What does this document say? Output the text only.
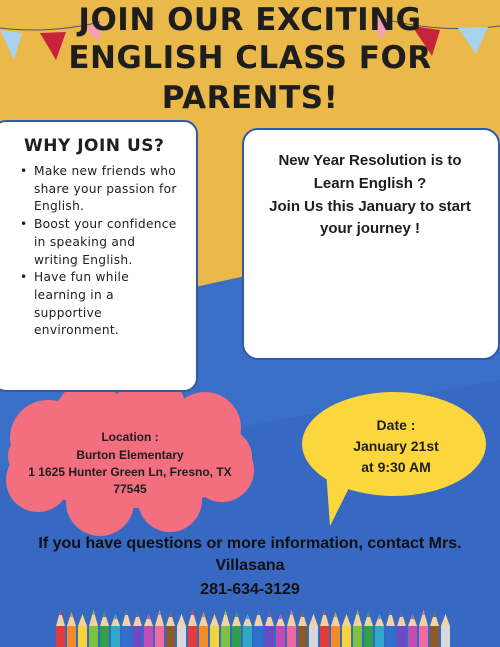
JOIN OUR EXCITING
ENGLISH CLASS FOR
PARENTS!
WHY JOIN US?
• Make new friends who share your passion for English.
• Boost your confidence in speaking and writing English.
• Have fun while learning in a supportive environment.
New Year Resolution is to
Learn English ?
Join Us this January to start
your journey !
Location :
Burton Elementary
1 1625 Hunter Green Ln, Fresno, TX
77545
Date :
January 21st
at 9:30 AM
If you have questions or more information, contact Mrs.
Villasana
281-634-3129
